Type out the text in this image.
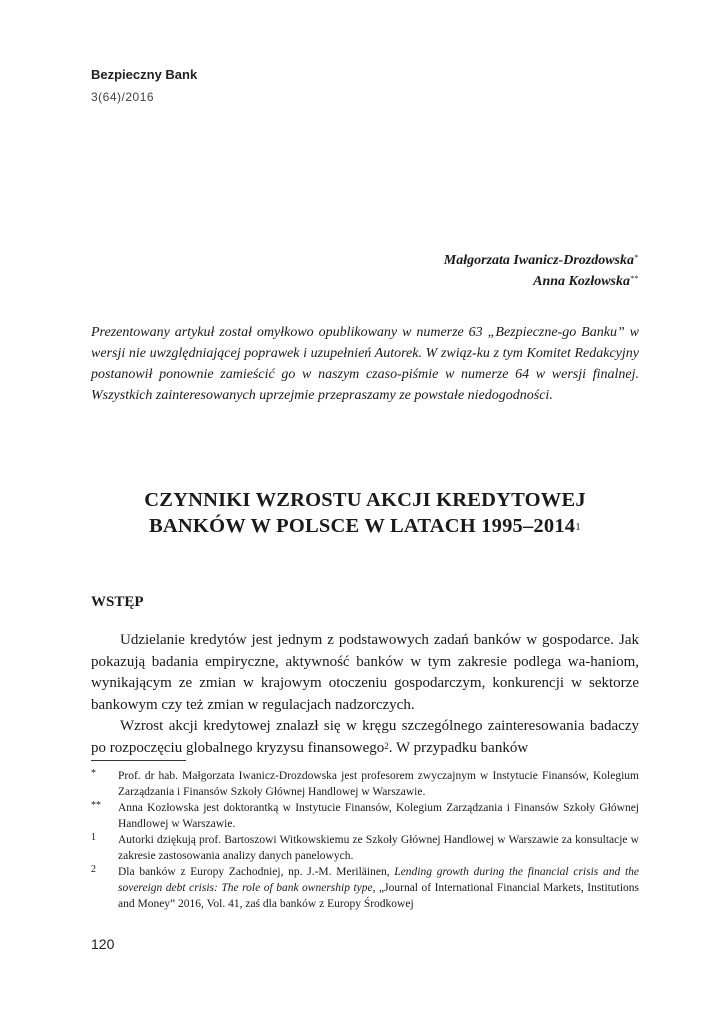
Bezpieczny Bank
3(64)/2016
Małgorzata Iwanicz-Drozdowska*
Anna Kozłowska**
Prezentowany artykuł został omyłkowo opublikowany w numerze 63 „Bezpieczne-go Banku” w wersji nie uwzględniającej poprawek i uzupełnień Autorek. W związ-ku z tym Komitet Redakcyjny postanowił ponownie zamieścić go w naszym czaso-piśmie w numerze 64 w wersji finalnej. Wszystkich zainteresowanych uprzejmie przepraszamy ze powstałe niedogodności.
CZYNNIKI WZROSTU AKCJI KREDYTOWEJ
BANKÓW W POLSCE W LATACH 1995–2014$^1$
WSTĘP

Udzielanie kredytów jest jednym z podstawowych zadań banków w gospodarce. Jak pokazują badania empiryczne, aktywność banków w tym zakresie podlega wa-haniom, wynikającym ze zmian w krajowym otoczeniu gospodarczym, konkurencji w sektorze bankowym czy też zmian w regulacjach nadzorczych.

Wzrost akcji kredytowej znalazł się w kręgu szczególnego zainteresowania badaczy po rozpoczęciu globalnego kryzysu finansowego$^2$. W przypadku banków

*	Prof. dr hab. Małgorzata Iwanicz-Drozdowska jest profesorem zwyczajnym w Instytucie Finansów, Kolegium Zarządzania i Finansów Szkoły Głównej Handlowej w Warszawie.
**	Anna Kozłowska jest doktorantką w Instytucie Finansów, Kolegium Zarządzania i Finansów Szkoły Głównej Handlowej w Warszawie.
1	Autorki dziękują prof. Bartoszowi Witkowskiemu ze Szkoły Głównej Handlowej w Warszawie za konsultacje w zakresie zastosowania analizy danych panelowych.
2	Dla banków z Europy Zachodniej, np. J.-M. Meriläinen, Lending growth during the financial crisis and the sovereign debt crisis: The role of bank ownership type, „Journal of International Financial Markets, Institutions and Money” 2016, Vol. 41, zaś dla banków z Europy Środkowej
120
